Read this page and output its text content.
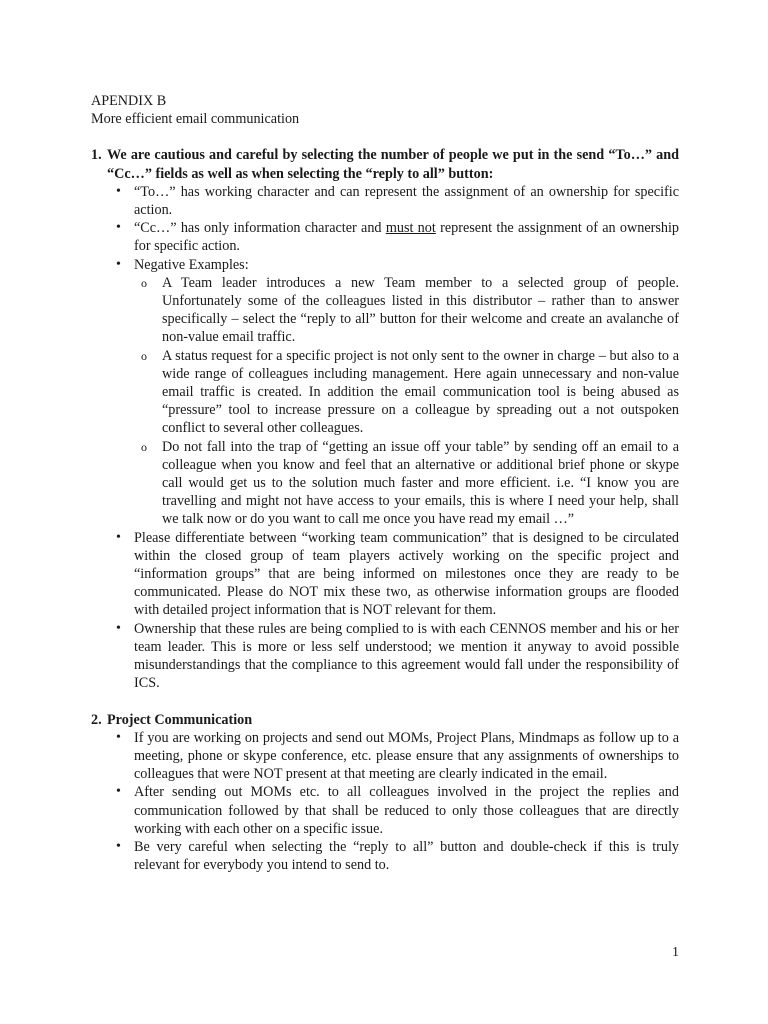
APENDIX B

More efficient email communication

1. We are cautious and careful by selecting the number of people we put in the send “To…” and “Cc…” fields as well as when selecting the “reply to all” button:
• “To…” has working character and can represent the assignment of an ownership for specific action.
• “Cc…” has only information character and must not represent the assignment of an ownership for specific action.
• Negative Examples:
o A Team leader introduces a new Team member to a selected group of people. Unfortunately some of the colleagues listed in this distributor – rather than to answer specifically – select the “reply to all” button for their welcome and create an avalanche of non-value email traffic.
o A status request for a specific project is not only sent to the owner in charge – but also to a wide range of colleagues including management. Here again unnecessary and non-value email traffic is created. In addition the email communication tool is being abused as “pressure” tool to increase pressure on a colleague by spreading out a not outspoken conflict to several other colleagues.
o Do not fall into the trap of “getting an issue off your table” by sending off an email to a colleague when you know and feel that an alternative or additional brief phone or skype call would get us to the solution much faster and more efficient. i.e. “I know you are travelling and might not have access to your emails, this is where I need your help, shall we talk now or do you want to call me once you have read my email …”
• Please differentiate between “working team communication” that is designed to be circulated within the closed group of team players actively working on the specific project and “information groups” that are being informed on milestones once they are ready to be communicated. Please do NOT mix these two, as otherwise information groups are flooded with detailed project information that is NOT relevant for them.
• Ownership that these rules are being complied to is with each CENNOS member and his or her team leader. This is more or less self understood; we mention it anyway to avoid possible misunderstandings that the compliance to this agreement would fall under the responsibility of ICS.
2. Project Communication
• If you are working on projects and send out MOMs, Project Plans, Mindmaps as follow up to a meeting, phone or skype conference, etc. please ensure that any assignments of ownerships to colleagues that were NOT present at that meeting are clearly indicated in the email.
• After sending out MOMs etc. to all colleagues involved in the project the replies and communication followed by that shall be reduced to only those colleagues that are directly working with each other on a specific issue.
• Be very careful when selecting the “reply to all” button and double-check if this is truly relevant for everybody you intend to send to.
1
